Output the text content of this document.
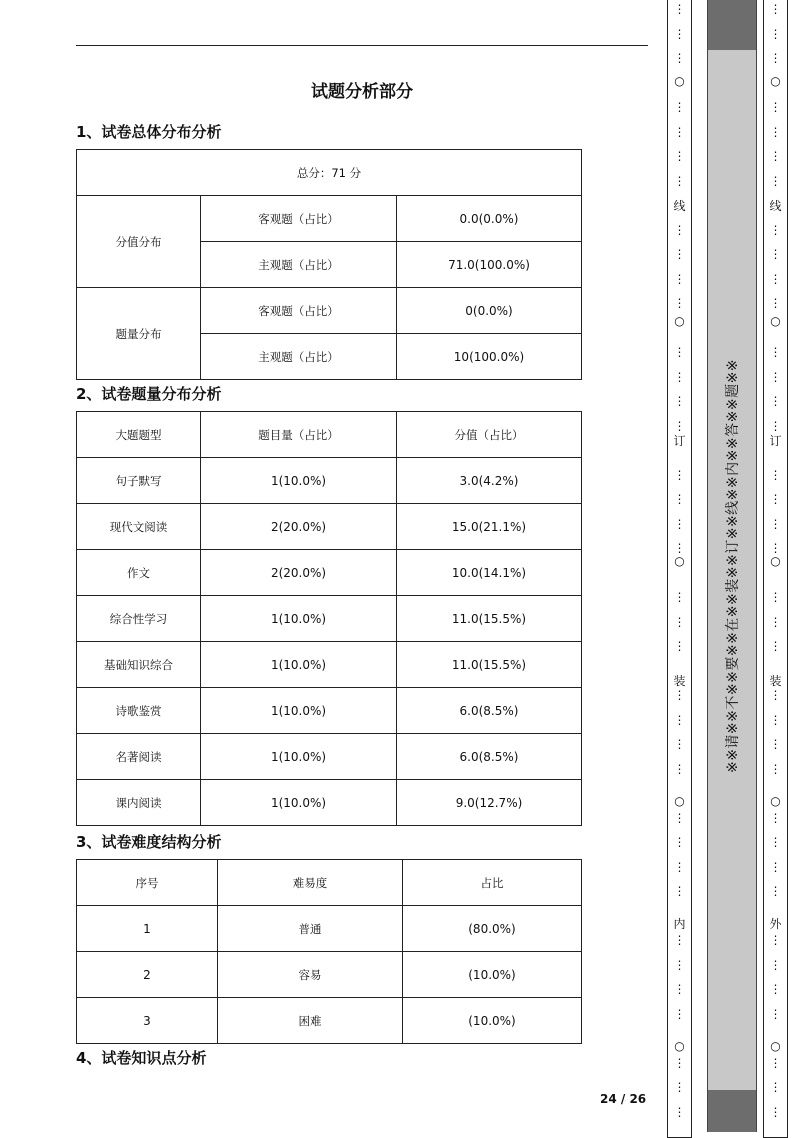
试题分析部分
1、试卷总体分布分析
总分：71 分		
分值分布	客观题（占比）	0.0(0.0%)
	主观题（占比）	71.0(100.0%)
题量分布	客观题（占比）	0(0.0%)
	主观题（占比）	10(100.0%)
2、试卷题量分布分析
大题题型	题目量（占比）	分值（占比）
句子默写	1(10.0%)	3.0(4.2%)
现代文阅读	2(20.0%)	15.0(21.1%)
作文	2(20.0%)	10.0(14.1%)
综合性学习	1(10.0%)	11.0(15.5%)
基础知识综合	1(10.0%)	11.0(15.5%)
诗歌鉴赏	1(10.0%)	6.0(8.5%)
名著阅读	1(10.0%)	6.0(8.5%)
课内阅读	1(10.0%)	9.0(12.7%)
3、试卷难度结构分析
序号	难易度	占比
1	普通	(80.0%)
2	容易	(10.0%)
3	困难	(10.0%)
4、试卷知识点分析
24 / 26
线
订
装
内
⋮
⋮
⋮
⋮
⋮
⋮
⋮
⋮
⋮
⋮
⋮
⋮
⋮
⋮
⋮
⋮
⋮
⋮
⋮
⋮
⋮
⋮
⋮
⋮
⋮
⋮
⋮
⋮
⋮
⋮
⋮
⋮
⋮
⋮
⋮
⋮
⋮
○
○
○
○
○
※※请※※不※※要※※在※※装※※订※※线※※内※※答※※题※※
线
订
装
外
⋮
⋮
⋮
⋮
⋮
⋮
⋮
⋮
⋮
⋮
⋮
⋮
⋮
⋮
⋮
⋮
⋮
⋮
⋮
⋮
⋮
⋮
⋮
⋮
⋮
⋮
⋮
⋮
⋮
⋮
⋮
⋮
⋮
⋮
⋮
⋮
⋮
○
○
○
○
○
